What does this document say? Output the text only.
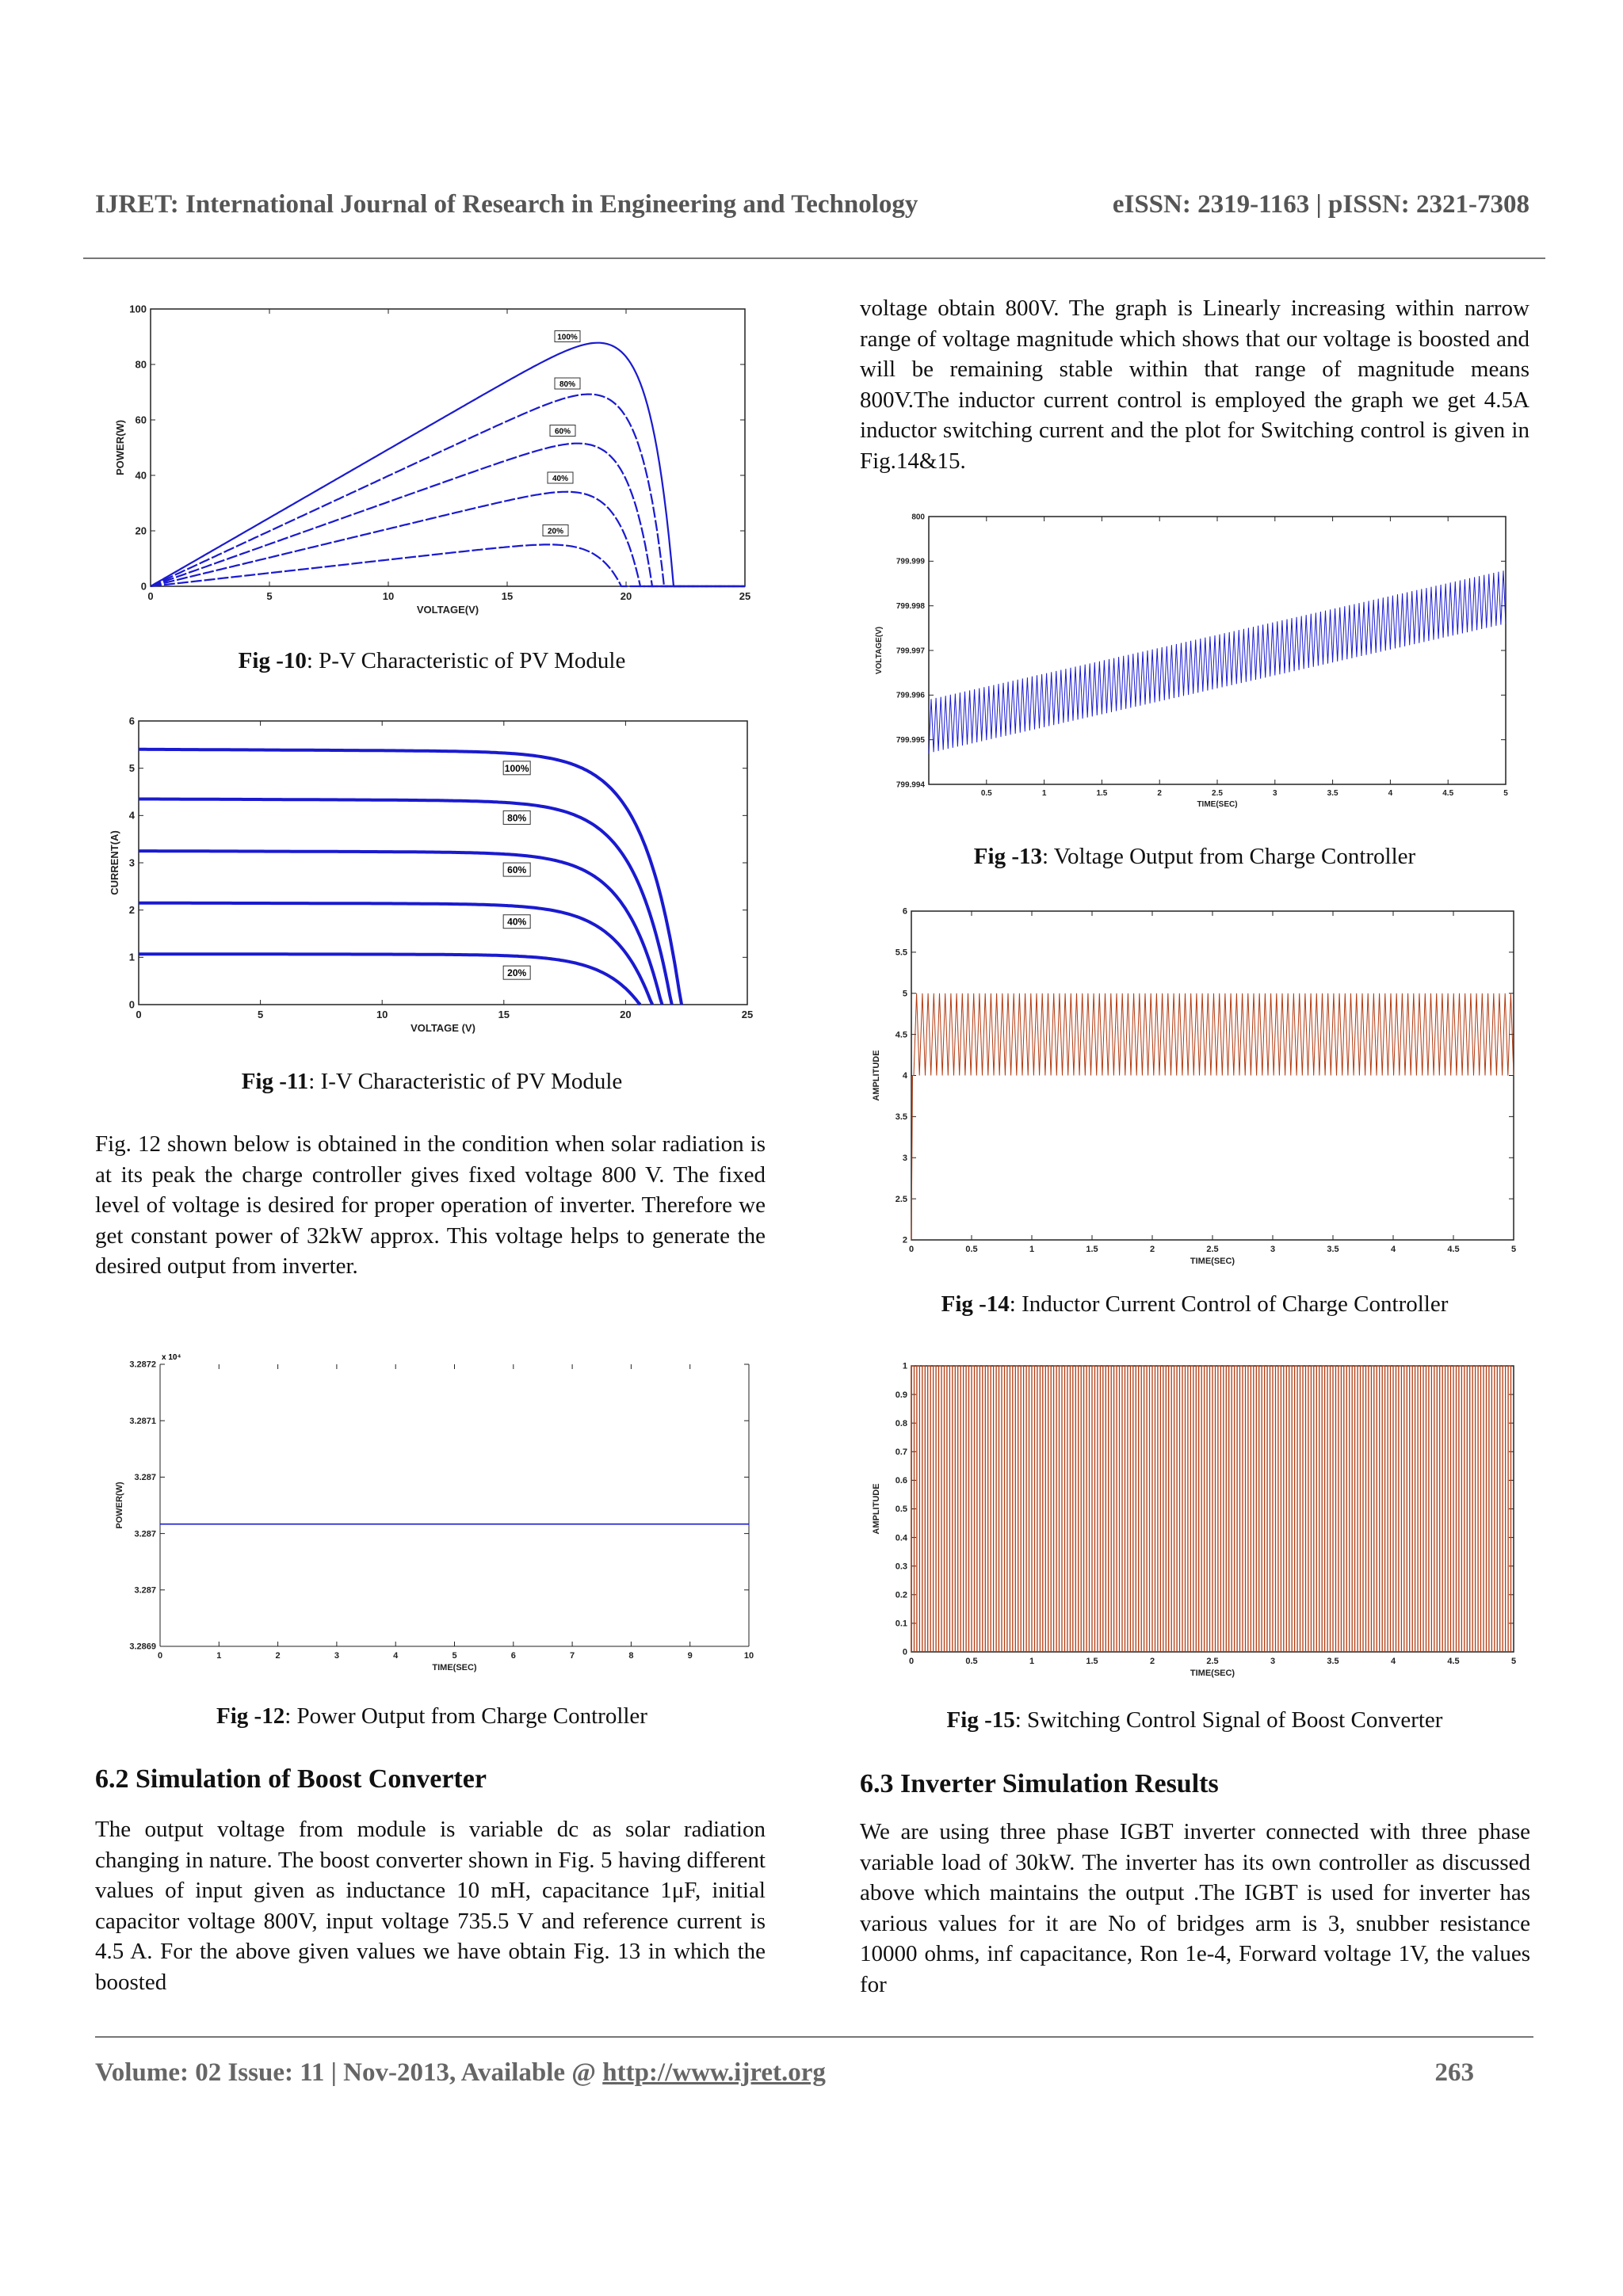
IJRET: International Journal of Research in Engineering and Technology	eISSN: 2319-1163 | pISSN: 2321-7308
0	5	10	15	20	25
0
20
40
60
80
100
VOLTAGE(V)
POWER(W)
100%
80%
60%
40%
20%
Fig -10: P-V Characteristic of PV Module
0	5	10	15	20	25
0
1
2
3
4
5
6
VOLTAGE (V)
CURRENT(A)
100%
80%
60%
40%
20%
Fig -11: I-V Characteristic of PV Module
Fig. 12 shown below is obtained in the condition when solar radiation is at its peak the charge controller gives fixed voltage 800 V. The fixed level of voltage is desired for proper operation of inverter. Therefore we get constant power of 32kW approx. This voltage helps to generate the desired output from inverter.
0	1	2	3	4	5	6	7	8	9	10
3.2869
3.287
3.287
3.287
3.2871
3.2872
TIME(SEC)
POWER(W)
x 10⁴
Fig -12: Power Output from Charge Controller
6.2 Simulation of Boost Converter
The output voltage from module is variable dc as solar radiation changing in nature. The boost converter shown in Fig. 5 having different values of input given as inductance 10 mH, capacitance 1μF, initial capacitor voltage 800V, input voltage 735.5 V and reference current is 4.5 A. For the above given values we have obtain Fig. 13 in which the boosted
voltage obtain 800V. The graph is Linearly increasing within narrow range of voltage magnitude which shows that our voltage is boosted and will be remaining stable within that range of magnitude means 800V.The inductor current control is employed the graph we get 4.5A inductor switching current and the plot for Switching control is given in Fig.14&15.
0.5	1	1.5	2	2.5	3	3.5	4	4.5	5
799.994
799.995
799.996
799.997
799.998
799.999
800
TIME(SEC)
VOLTAGE(V)
Fig -13: Voltage Output from Charge Controller
0	0.5	1	1.5	2	2.5	3	3.5	4	4.5	5
2
2.5
3
3.5
4
4.5
5
5.5
6
TIME(SEC)
AMPLITUDE
Fig -14: Inductor Current Control of Charge Controller
0	0.5	1	1.5	2	2.5	3	3.5	4	4.5	5
0
0.1
0.2
0.3
0.4
0.5
0.6
0.7
0.8
0.9
1
TIME(SEC)
AMPLITUDE
Fig -15: Switching Control Signal of Boost Converter
6.3 Inverter Simulation Results
We are using three phase IGBT inverter connected with three phase variable load of 30kW. The inverter has its own controller as discussed above which maintains the output .The IGBT is used for inverter has various values for it are No of bridges arm is 3, snubber resistance 10000 ohms, inf capacitance, Ron 1e-4, Forward voltage 1V, the values for
Volume: 02 Issue: 11 | Nov-2013, Available @ http://www.ijret.org	263
